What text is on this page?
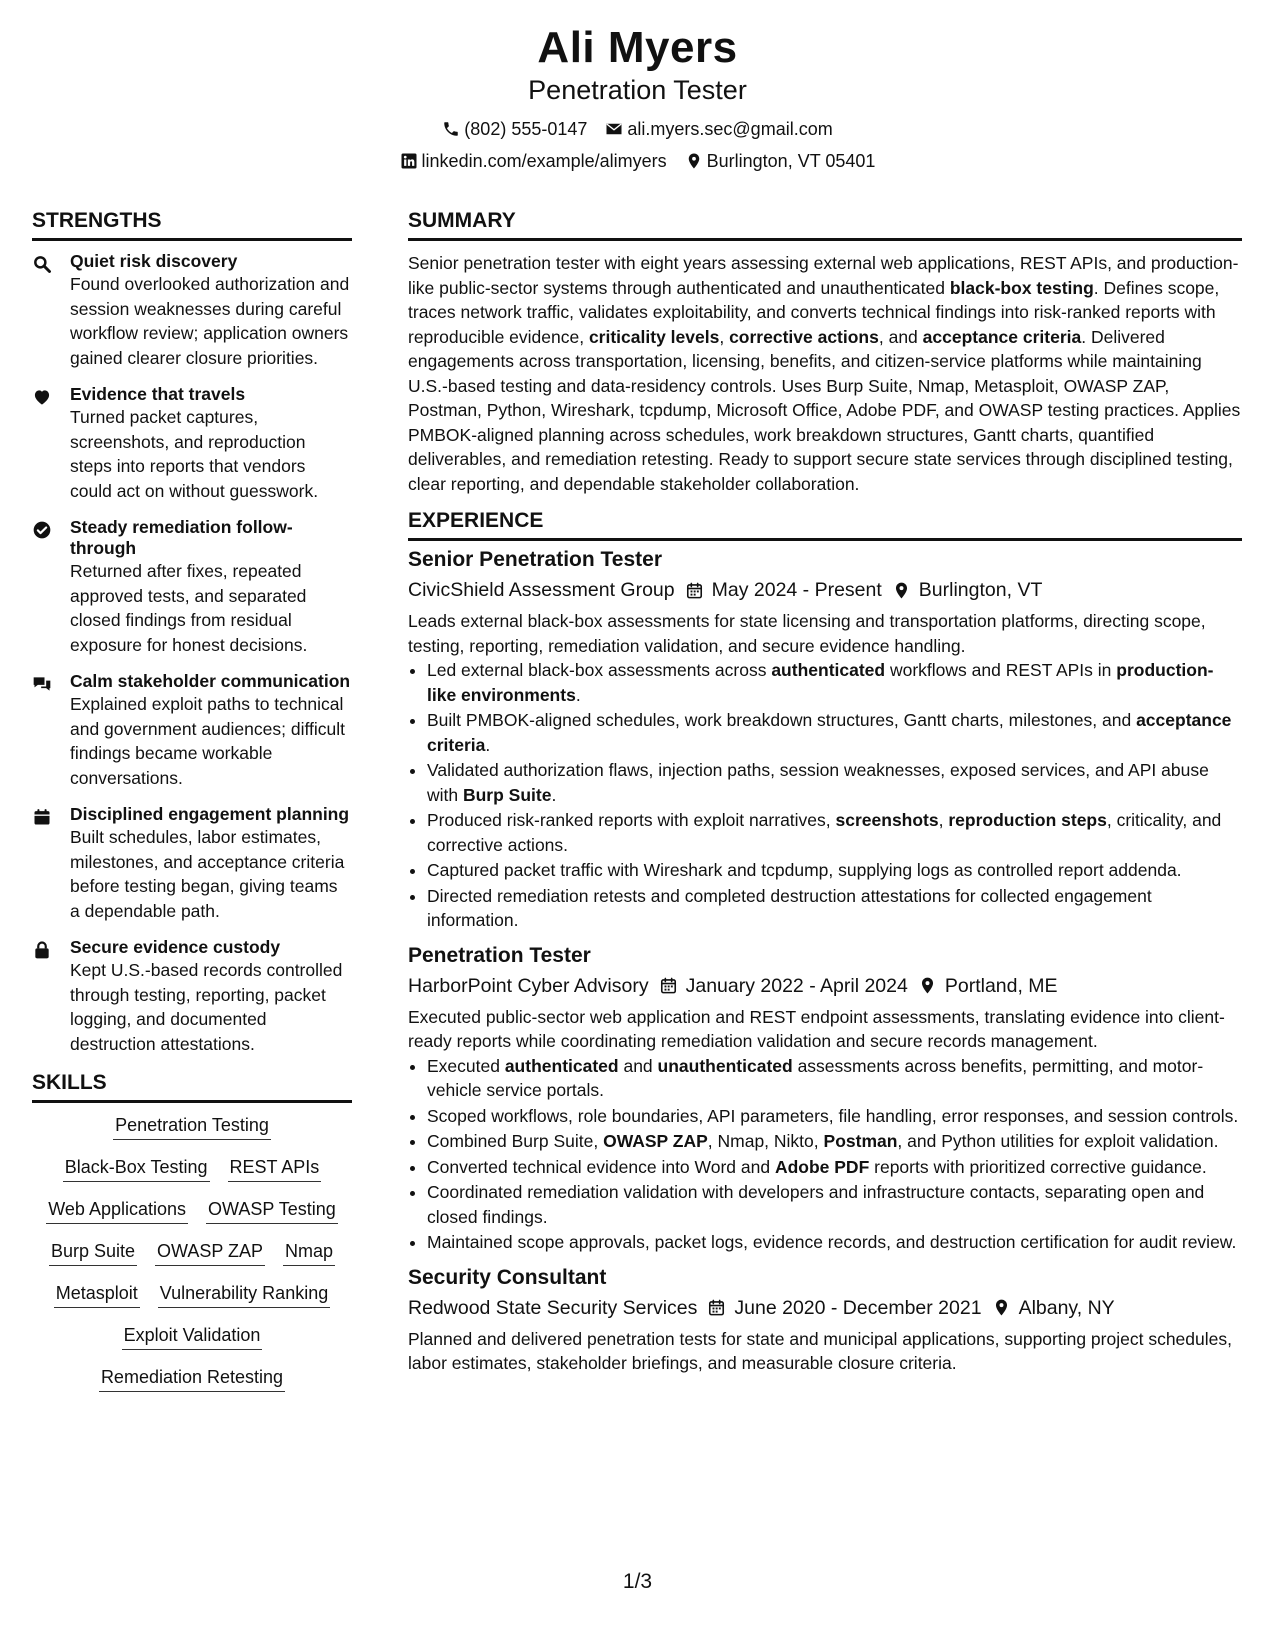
Ali Myers
Penetration Tester
(802) 555-0147 ali.myers.sec@gmail.com
linkedin.com/example/alimyers Burlington, VT 05401
STRENGTHS
Quiet risk discovery
Found overlooked authorization and session weaknesses during careful workflow review; application owners gained clearer closure priorities.
Evidence that travels
Turned packet captures, screenshots, and reproduction steps into reports that vendors could act on without guesswork.
Steady remediation follow-through
Returned after fixes, repeated approved tests, and separated closed findings from residual exposure for honest decisions.
Calm stakeholder communication
Explained exploit paths to technical and government audiences; difficult findings became workable conversations.
Disciplined engagement planning
Built schedules, labor estimates, milestones, and acceptance criteria before testing began, giving teams a dependable path.
Secure evidence custody
Kept U.S.-based records controlled through testing, reporting, packet logging, and documented destruction attestations.
SKILLS
Penetration Testing
Black-Box Testing REST APIs
Web Applications OWASP Testing
Burp Suite OWASP ZAP Nmap
Metasploit Vulnerability Ranking
Exploit Validation
Remediation Retesting
SUMMARY
Senior penetration tester with eight years assessing external web applications, REST APIs, and production-like public-sector systems through authenticated and unauthenticated black-box testing. Defines scope, traces network traffic, validates exploitability, and converts technical findings into risk-ranked reports with reproducible evidence, criticality levels, corrective actions, and acceptance criteria. Delivered engagements across transportation, licensing, benefits, and citizen-service platforms while maintaining U.S.-based testing and data-residency controls. Uses Burp Suite, Nmap, Metasploit, OWASP ZAP, Postman, Python, Wireshark, tcpdump, Microsoft Office, Adobe PDF, and OWASP testing practices. Applies PMBOK-aligned planning across schedules, work breakdown structures, Gantt charts, quantified deliverables, and remediation retesting. Ready to support secure state services through disciplined testing, clear reporting, and dependable stakeholder collaboration.
EXPERIENCE
Senior Penetration Tester
CivicShield Assessment Group May 2024 - Present Burlington, VT
Leads external black-box assessments for state licensing and transportation platforms, directing scope, testing, reporting, remediation validation, and secure evidence handling.
• Led external black-box assessments across authenticated workflows and REST APIs in production-like environments.
• Built PMBOK-aligned schedules, work breakdown structures, Gantt charts, milestones, and acceptance criteria.
• Validated authorization flaws, injection paths, session weaknesses, exposed services, and API abuse with Burp Suite.
• Produced risk-ranked reports with exploit narratives, screenshots, reproduction steps, criticality, and corrective actions.
• Captured packet traffic with Wireshark and tcpdump, supplying logs as controlled report addenda.
• Directed remediation retests and completed destruction attestations for collected engagement information.
Penetration Tester
HarborPoint Cyber Advisory January 2022 - April 2024 Portland, ME
Executed public-sector web application and REST endpoint assessments, translating evidence into client-ready reports while coordinating remediation validation and secure records management.
• Executed authenticated and unauthenticated assessments across benefits, permitting, and motor-vehicle service portals.
• Scoped workflows, role boundaries, API parameters, file handling, error responses, and session controls.
• Combined Burp Suite, OWASP ZAP, Nmap, Nikto, Postman, and Python utilities for exploit validation.
• Converted technical evidence into Word and Adobe PDF reports with prioritized corrective guidance.
• Coordinated remediation validation with developers and infrastructure contacts, separating open and closed findings.
• Maintained scope approvals, packet logs, evidence records, and destruction certification for audit review.
Security Consultant
Redwood State Security Services June 2020 - December 2021 Albany, NY
Planned and delivered penetration tests for state and municipal applications, supporting project schedules, labor estimates, stakeholder briefings, and measurable closure criteria.
1/3
